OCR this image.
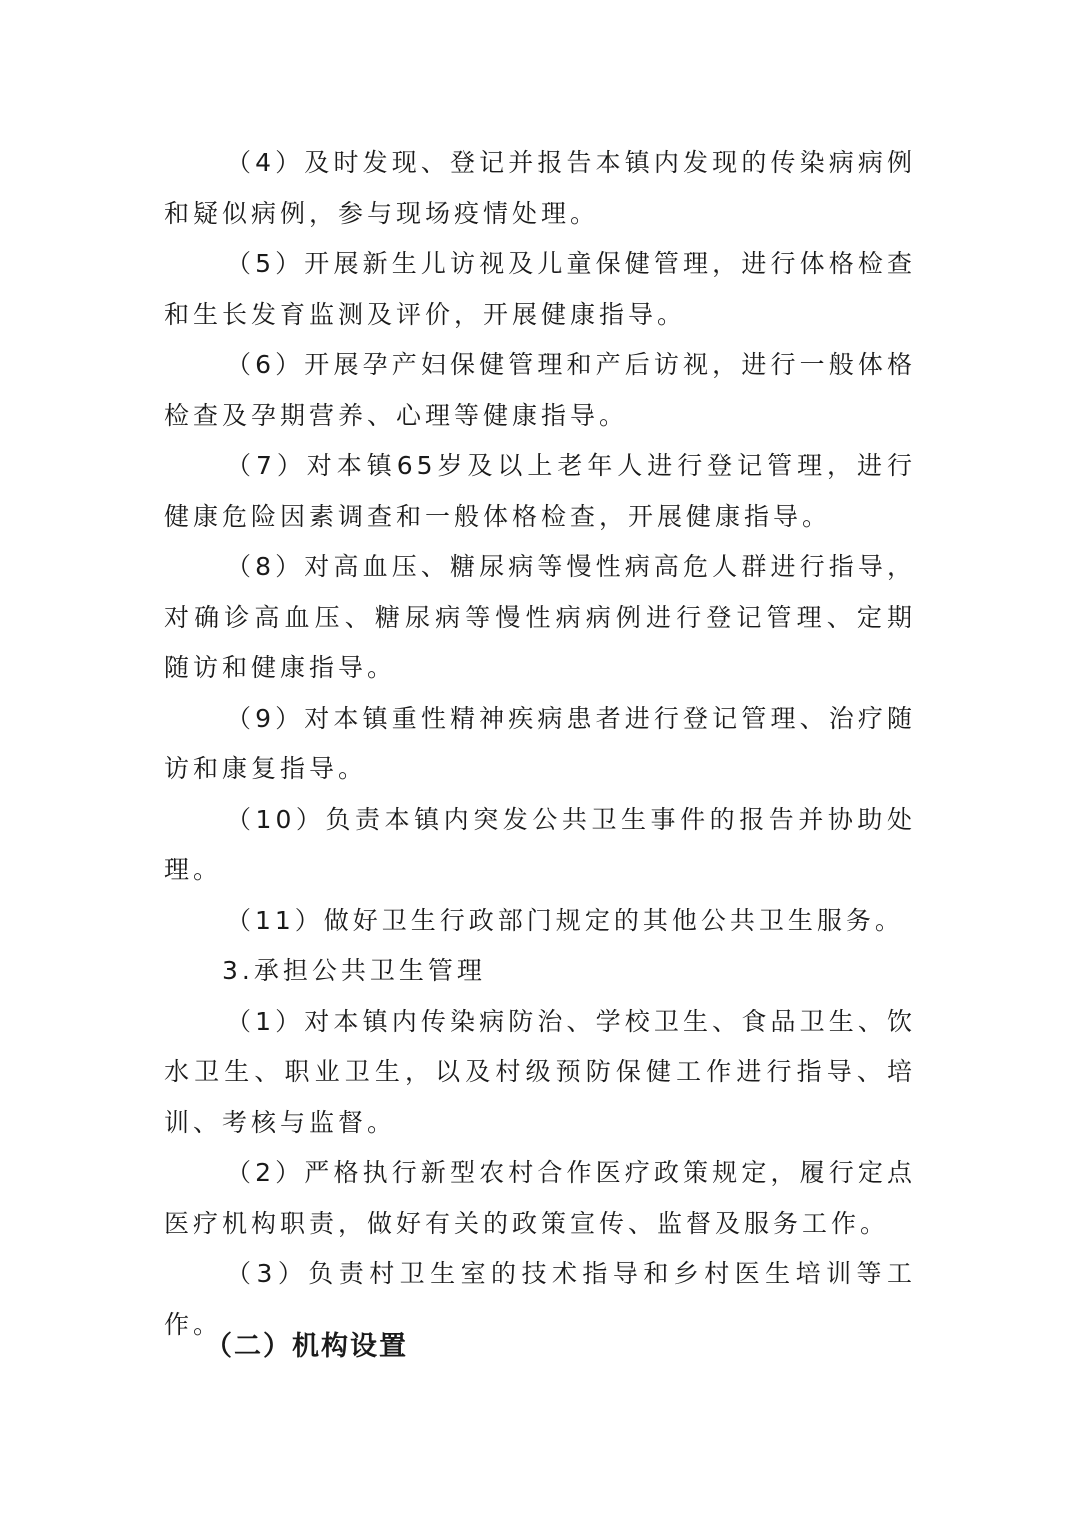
（4）及时发现、登记并报告本镇内发现的传染病病例和疑似病例，参与现场疫情处理。

（5）开展新生儿访视及儿童保健管理，进行体格检查和生长发育监测及评价，开展健康指导。

（6）开展孕产妇保健管理和产后访视，进行一般体格检查及孕期营养、心理等健康指导。

（7）对本镇65岁及以上老年人进行登记管理，进行健康危险因素调查和一般体格检查，开展健康指导。

（8）对高血压、糖尿病等慢性病高危人群进行指导，对确诊高血压、糖尿病等慢性病病例进行登记管理、定期随访和健康指导。

（9）对本镇重性精神疾病患者进行登记管理、治疗随访和康复指导。

（10）负责本镇内突发公共卫生事件的报告并协助处理。

（11）做好卫生行政部门规定的其他公共卫生服务。

3.承担公共卫生管理

（1）对本镇内传染病防治、学校卫生、食品卫生、饮水卫生、职业卫生，以及村级预防保健工作进行指导、培训、考核与监督。

（2）严格执行新型农村合作医疗政策规定，履行定点医疗机构职责，做好有关的政策宣传、监督及服务工作。

（3）负责村卫生室的技术指导和乡村医生培训等工作。

（二）机构设置
